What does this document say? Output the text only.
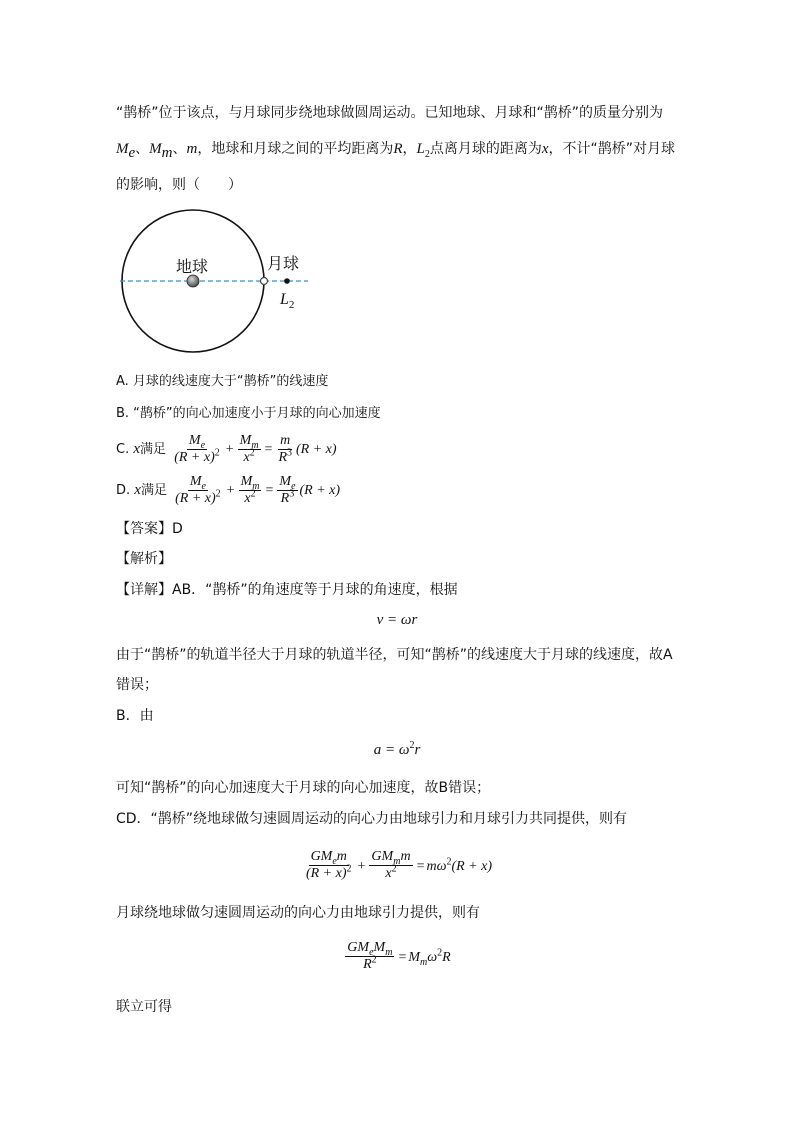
“鹊桥”位于该点，与月球同步绕地球做圆周运动。已知地球、月球和“鹊桥”的质量分别为
$M_e$、$M_m$、m，地球和月球之间的平均距离为R，$L_2$点离月球的距离为x，不计“鹊桥”对月球
的影响，则（　　）
地球	月球
$L_2$
A. 月球的线速度大于“鹊桥”的线速度
B. “鹊桥”的向心加速度小于月球的向心加速度
C. x满足 $\frac{M_e}{(R + x)^2} + \frac{M_m}{x^2} = \frac{m}{R^3} (R + x)$
D. x满足 $\frac{M_e}{(R + x)^2} + \frac{M_m}{x^2} = \frac{M_e}{R^3} (R + x)$
【答案】D
【解析】
【详解】AB．“鹊桥”的角速度等于月球的角速度，根据
v = ωr
由于“鹊桥”的轨道半径大于月球的轨道半径，可知“鹊桥”的线速度大于月球的线速度，故A
错误；
B．由
$a = \omega^2r$
可知“鹊桥”的向心加速度大于月球的向心加速度，故B错误；
CD．“鹊桥”绕地球做匀速圆周运动的向心力由地球引力和月球引力共同提供，则有
$\frac{GM_em}{(R + x)^2} + \frac{GM_mm}{x^2} = m\omega^2(R + x)$
月球绕地球做匀速圆周运动的向心力由地球引力提供，则有
$\frac{GM_eM_m}{R^2} = M_m\omega^2R$
联立可得
